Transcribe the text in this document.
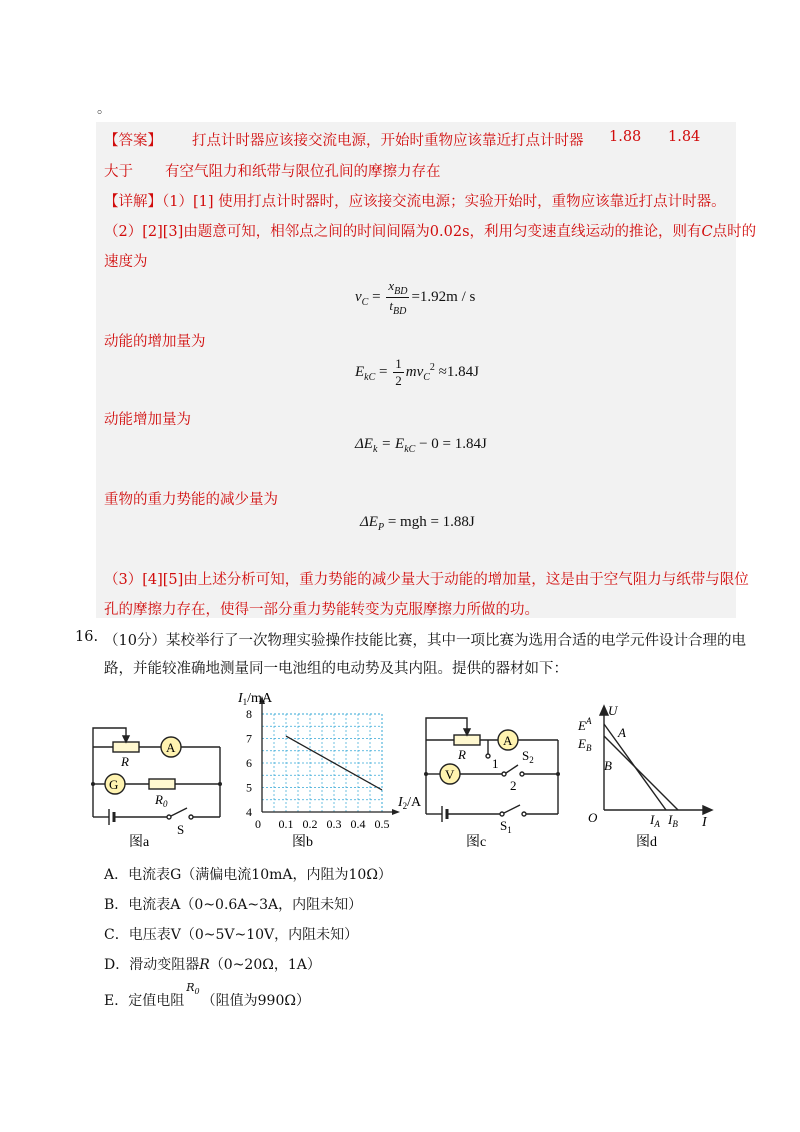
。
【答案】 打点计时器应该接交流电源，开始时重物应该靠近打点计时器 1.88 1.84
大于 有空气阻力和纸带与限位孔间的摩擦力存在
【详解】（1）[1] 使用打点计时器时，应该接交流电源；实验开始时，重物应该靠近打点计时器。
（2）[2][3]由题意可知，相邻点之间的时间间隔为0.02s，利用匀变速直线运动的推论，则有C点时的
速度为
$v_C = \frac{x_{BD}}{t_{BD}} =1.92m / s$
动能的增加量为
$E_{kC} = \frac{1}{2} mv_C^2 \approx 1.84J$
动能增加量为
$\Delta E_k = E_{kC} - 0 = 1.84J$
重物的重力势能的减少量为
$\Delta E_P$ = mgh = 1.88J
（3）[4][5]由上述分析可知，重力势能的减少量大于动能的增加量，这是由于空气阻力与纸带与限位
孔的摩擦力存在，使得一部分重力势能转变为克服摩擦力所做的功。
16. （10分）某校举行了一次物理实验操作技能比赛，其中一项比赛为选用合适的电学元件设计合理的电
路，并能较准确地测量同一电池组的电动势及其内阻。提供的器材如下：
A
G
R
$R_0$
S
图a
0 0.1 0.2 0.3 0.4 0.5
4
5
6
7
8
$I_1/mA$
$I_2/A$
图b
A
V
R
1
2
$S_2$
$S_1$
图c
U
$E^A$
$E_B$
A
B
O	$I_A$ $I_B$ I
图d
A．电流表G（满偏电流10mA，内阻为10Ω）
B．电流表A（0~0.6A~3A，内阻未知）
C．电压表V（0~5V~10V，内阻未知）
D．滑动变阻器R（0~20Ω，1A）
E．定值电阻$R_0$（阻值为990Ω）
